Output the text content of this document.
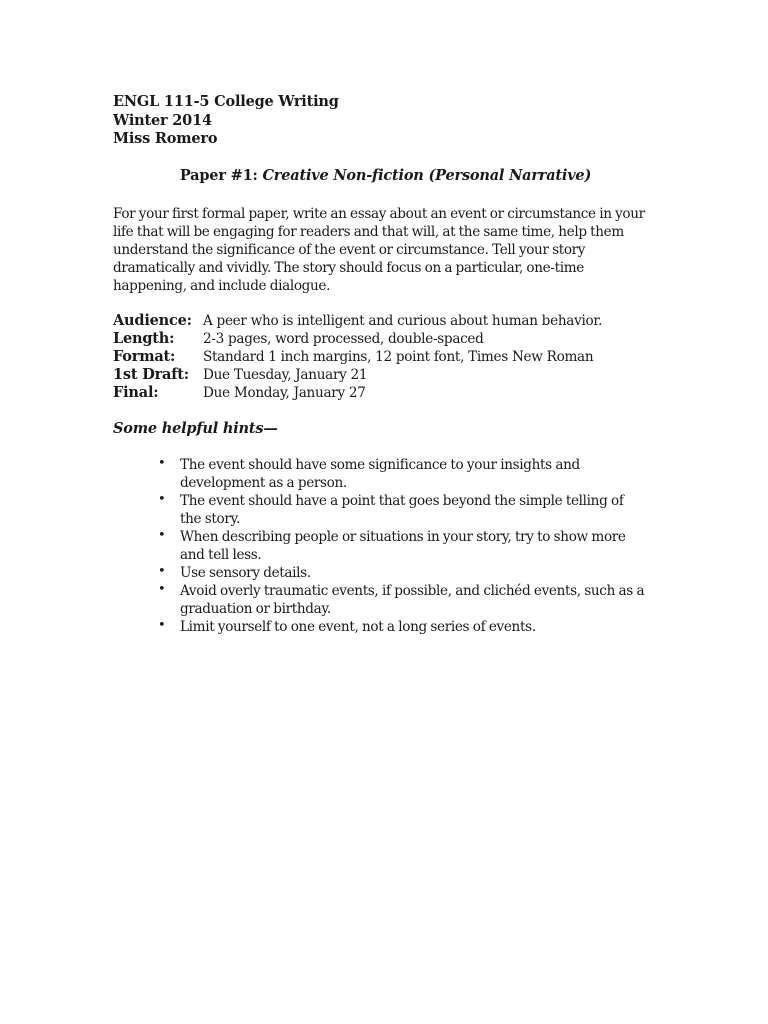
ENGL 111-5 College Writing
Winter 2014
Miss Romero
Paper #1: Creative Non-fiction (Personal Narrative)
For your first formal paper, write an essay about an event or circumstance in your
life that will be engaging for readers and that will, at the same time, help them
understand the significance of the event or circumstance. Tell your story
dramatically and vividly. The story should focus on a particular, one-time
happening, and include dialogue.
Audience: A peer who is intelligent and curious about human behavior.
Length:	2-3 pages, word processed, double-spaced
Format:	Standard 1 inch margins, 12 point font, Times New Roman
1st Draft:	Due Tuesday, January 21
Final:	Due Monday, January 27
Some helpful hints—
• The event should have some significance to your insights and
development as a person.
• The event should have a point that goes beyond the simple telling of
the story.
• When describing people or situations in your story, try to show more
and tell less.
• Use sensory details.
• Avoid overly traumatic events, if possible, and clichéd events, such as a
graduation or birthday.
• Limit yourself to one event, not a long series of events.
